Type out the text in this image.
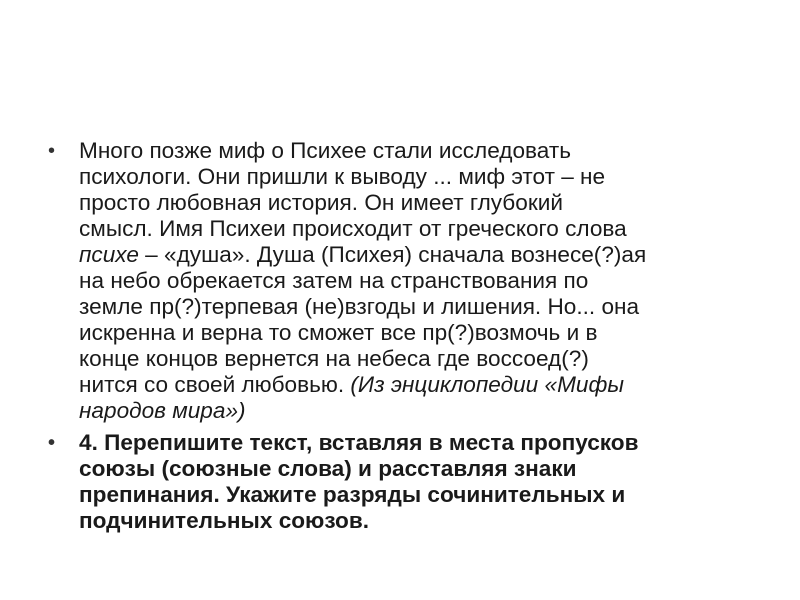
•	Много позже миф о Психее стали исследовать
психологи. Они пришли к выводу ... миф этот – не
просто любовная история. Он имеет глубокий
смысл. Имя Психеи происходит от греческого слова
психе – «душа». Душа (Психея) сначала вознесе(?)ая
на небо обрекается затем на странствования по
земле пр(?)терпевая (не)взгоды и лишения. Но... она
искренна и верна то сможет все пр(?)возмочь и в
конце концов вернется на небеса где воссоед(?)
нится со своей любовью. (Из энциклопедии «Мифы
народов мира»)
•	4. Перепишите текст, вставляя в места пропусков
союзы (союзные слова) и расставляя знаки
препинания. Укажите разряды сочинительных и
подчинительных союзов.
